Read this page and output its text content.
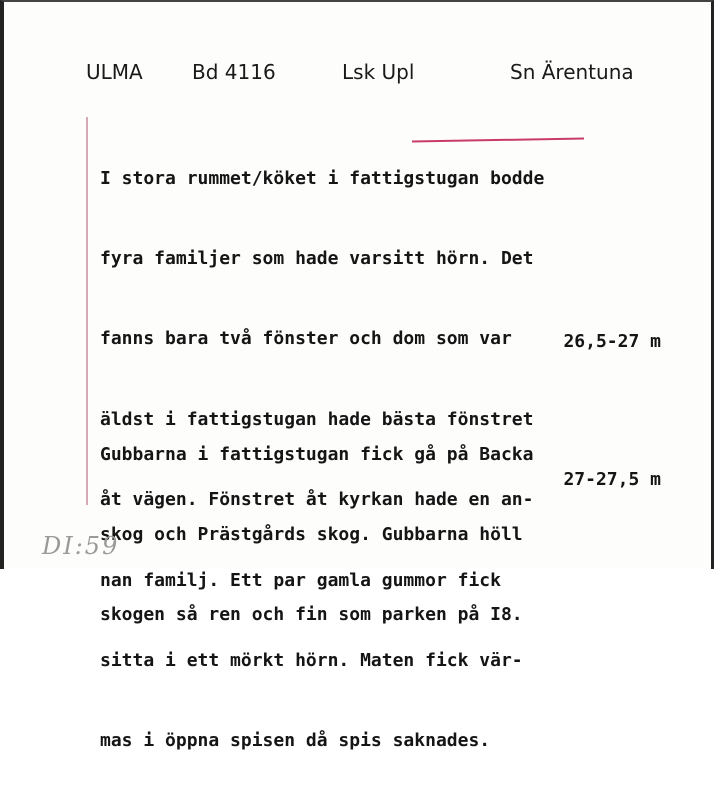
ULMA Bd 4116	Lsk Upl	Sn Ärentuna

I stora rummet/köket i fattigstugan bodde

fyra familjer som hade varsitt hörn. Det

fanns bara två fönster och dom som var

äldst i fattigstugan hade bästa fönstret

åt vägen. Fönstret åt kyrkan hade en an-

nan familj. Ett par gamla gummor fick

sitta i ett mörkt hörn. Maten fick vär-

mas i öppna spisen då spis saknades.

26,5-27 m

Gubbarna i fattigstugan fick gå på Backa

skog och Prästgårds skog. Gubbarna höll

skogen så ren och fin som parken på I8.

27-27,5 m
DI:59
